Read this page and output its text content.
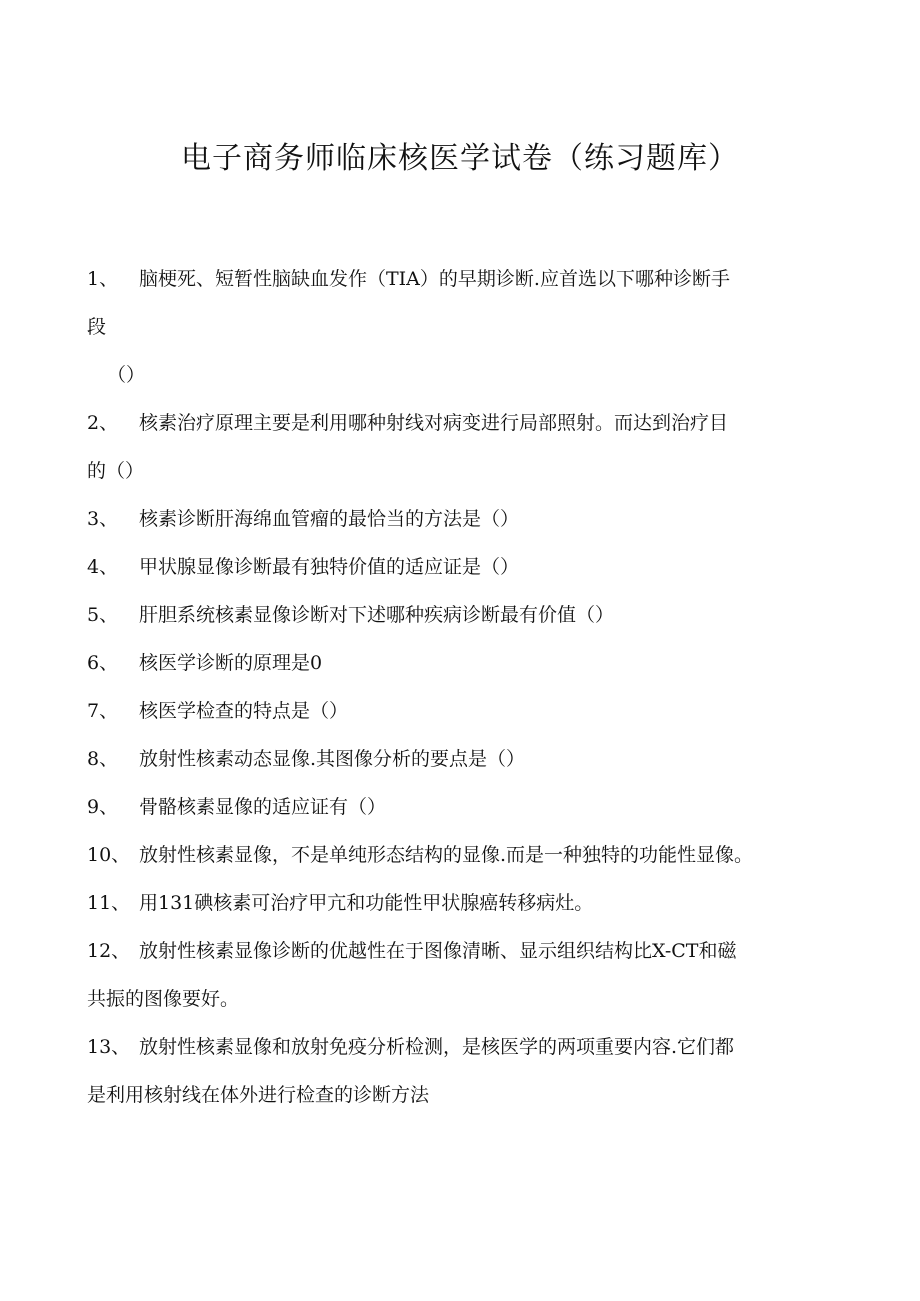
电子商务师临床核医学试卷（练习题库）
1、	脑梗死、短暂性脑缺血发作（TIA）的早期诊断.应首选以下哪种诊断手
段
（）
2、	核素治疗原理主要是利用哪种射线对病变进行局部照射。而达到治疗目
的（）
3、	核素诊断肝海绵血管瘤的最恰当的方法是（）
4、	甲状腺显像诊断最有独特价值的适应证是（）
5、	肝胆系统核素显像诊断对下述哪种疾病诊断最有价值（）
6、	核医学诊断的原理是0
7、	核医学检查的特点是（）
8、	放射性核素动态显像.其图像分析的要点是（）
9、	骨骼核素显像的适应证有（）
10、 放射性核素显像，不是单纯形态结构的显像.而是一种独特的功能性显像。
11、 用131碘核素可治疗甲亢和功能性甲状腺癌转移病灶。
12、 放射性核素显像诊断的优越性在于图像清晰、显示组织结构比X-CT和磁
共振的图像要好。
13、 放射性核素显像和放射免疫分析检测，是核医学的两项重要内容.它们都
是利用核射线在体外进行检查的诊断方法
